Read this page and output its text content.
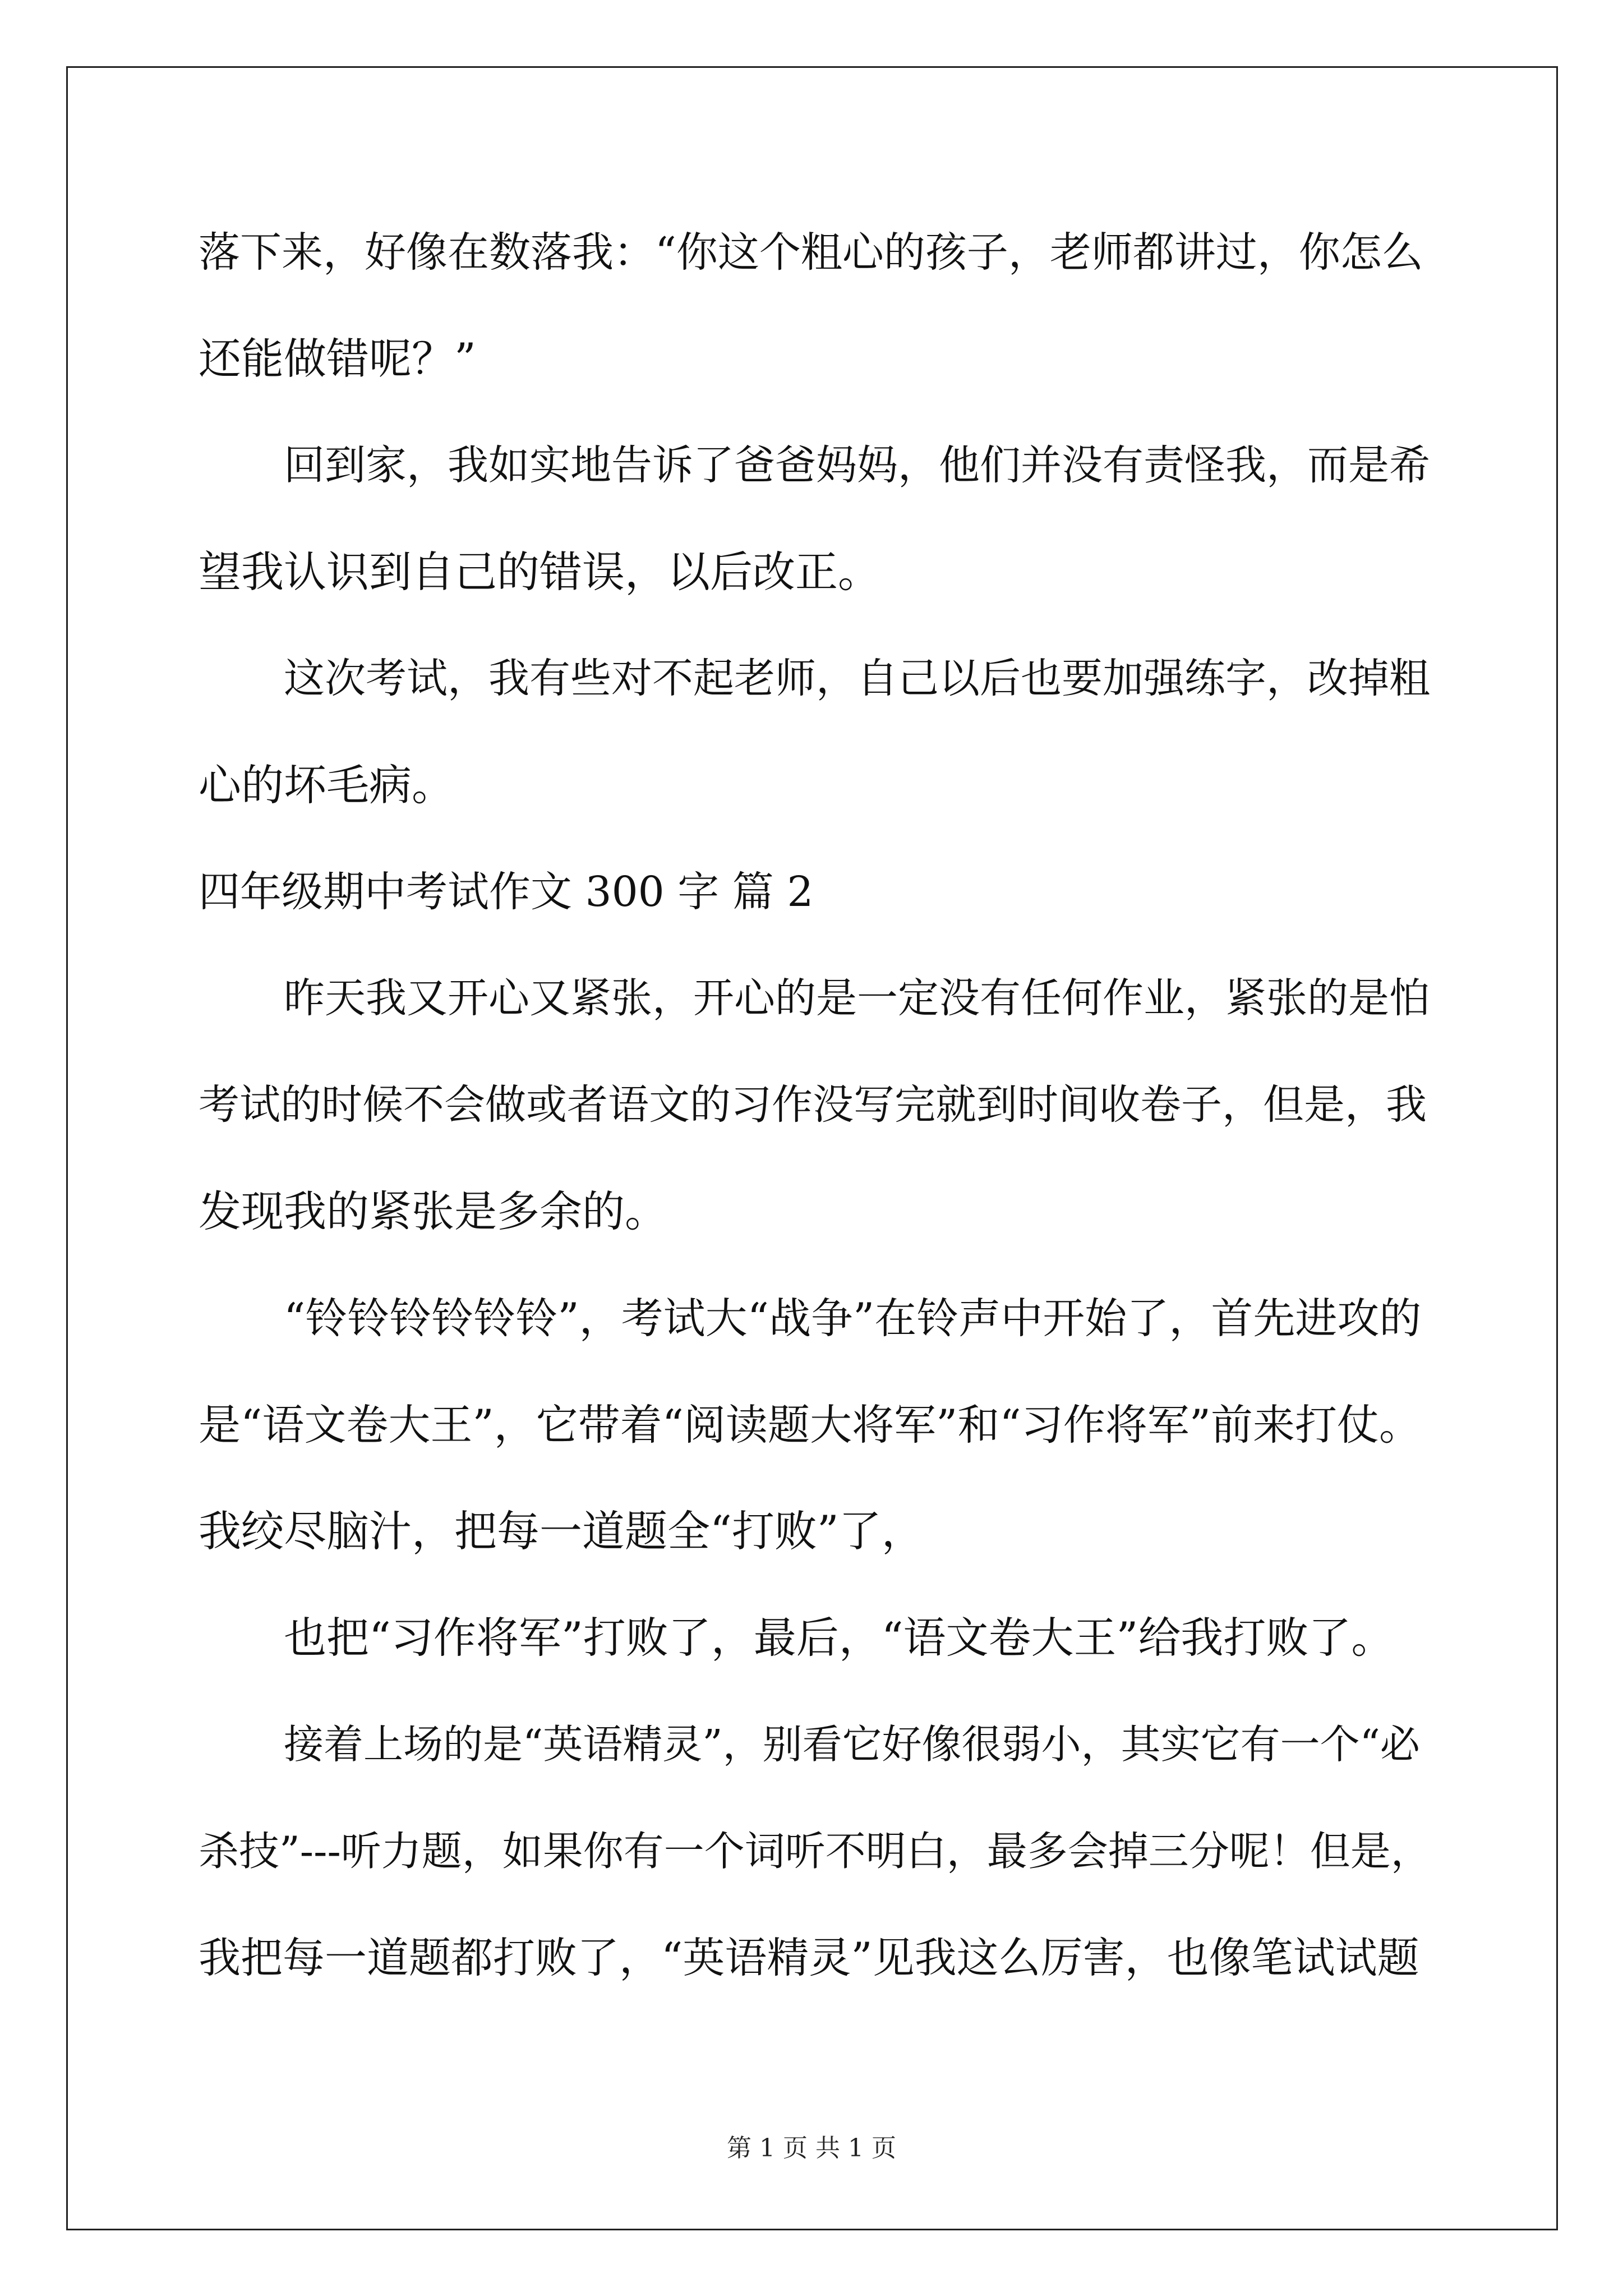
落下来，好像在数落我：“你这个粗心的孩子，老师都讲过，你怎么
还能做错呢？”
回到家，我如实地告诉了爸爸妈妈，他们并没有责怪我，而是希
望我认识到自己的错误，以后改正。
这次考试，我有些对不起老师，自己以后也要加强练字，改掉粗
心的坏毛病。
四年级期中考试作文 300 字 篇 2
昨天我又开心又紧张，开心的是一定没有任何作业，紧张的是怕
考试的时候不会做或者语文的习作没写完就到时间收卷子，但是，我
发现我的紧张是多余的。
“铃铃铃铃铃铃”，考试大“战争”在铃声中开始了，首先进攻的
是“语文卷大王”，它带着“阅读题大将军”和“习作将军”前来打仗。
我绞尽脑汁，把每一道题全“打败”了，
也把“习作将军”打败了，最后，“语文卷大王”给我打败了。
接着上场的是“英语精灵”，别看它好像很弱小，其实它有一个“必
杀技”---听力题，如果你有一个词听不明白，最多会掉三分呢！但是，
我把每一道题都打败了，“英语精灵”见我这么厉害，也像笔试试题
第 1 页 共 1 页
